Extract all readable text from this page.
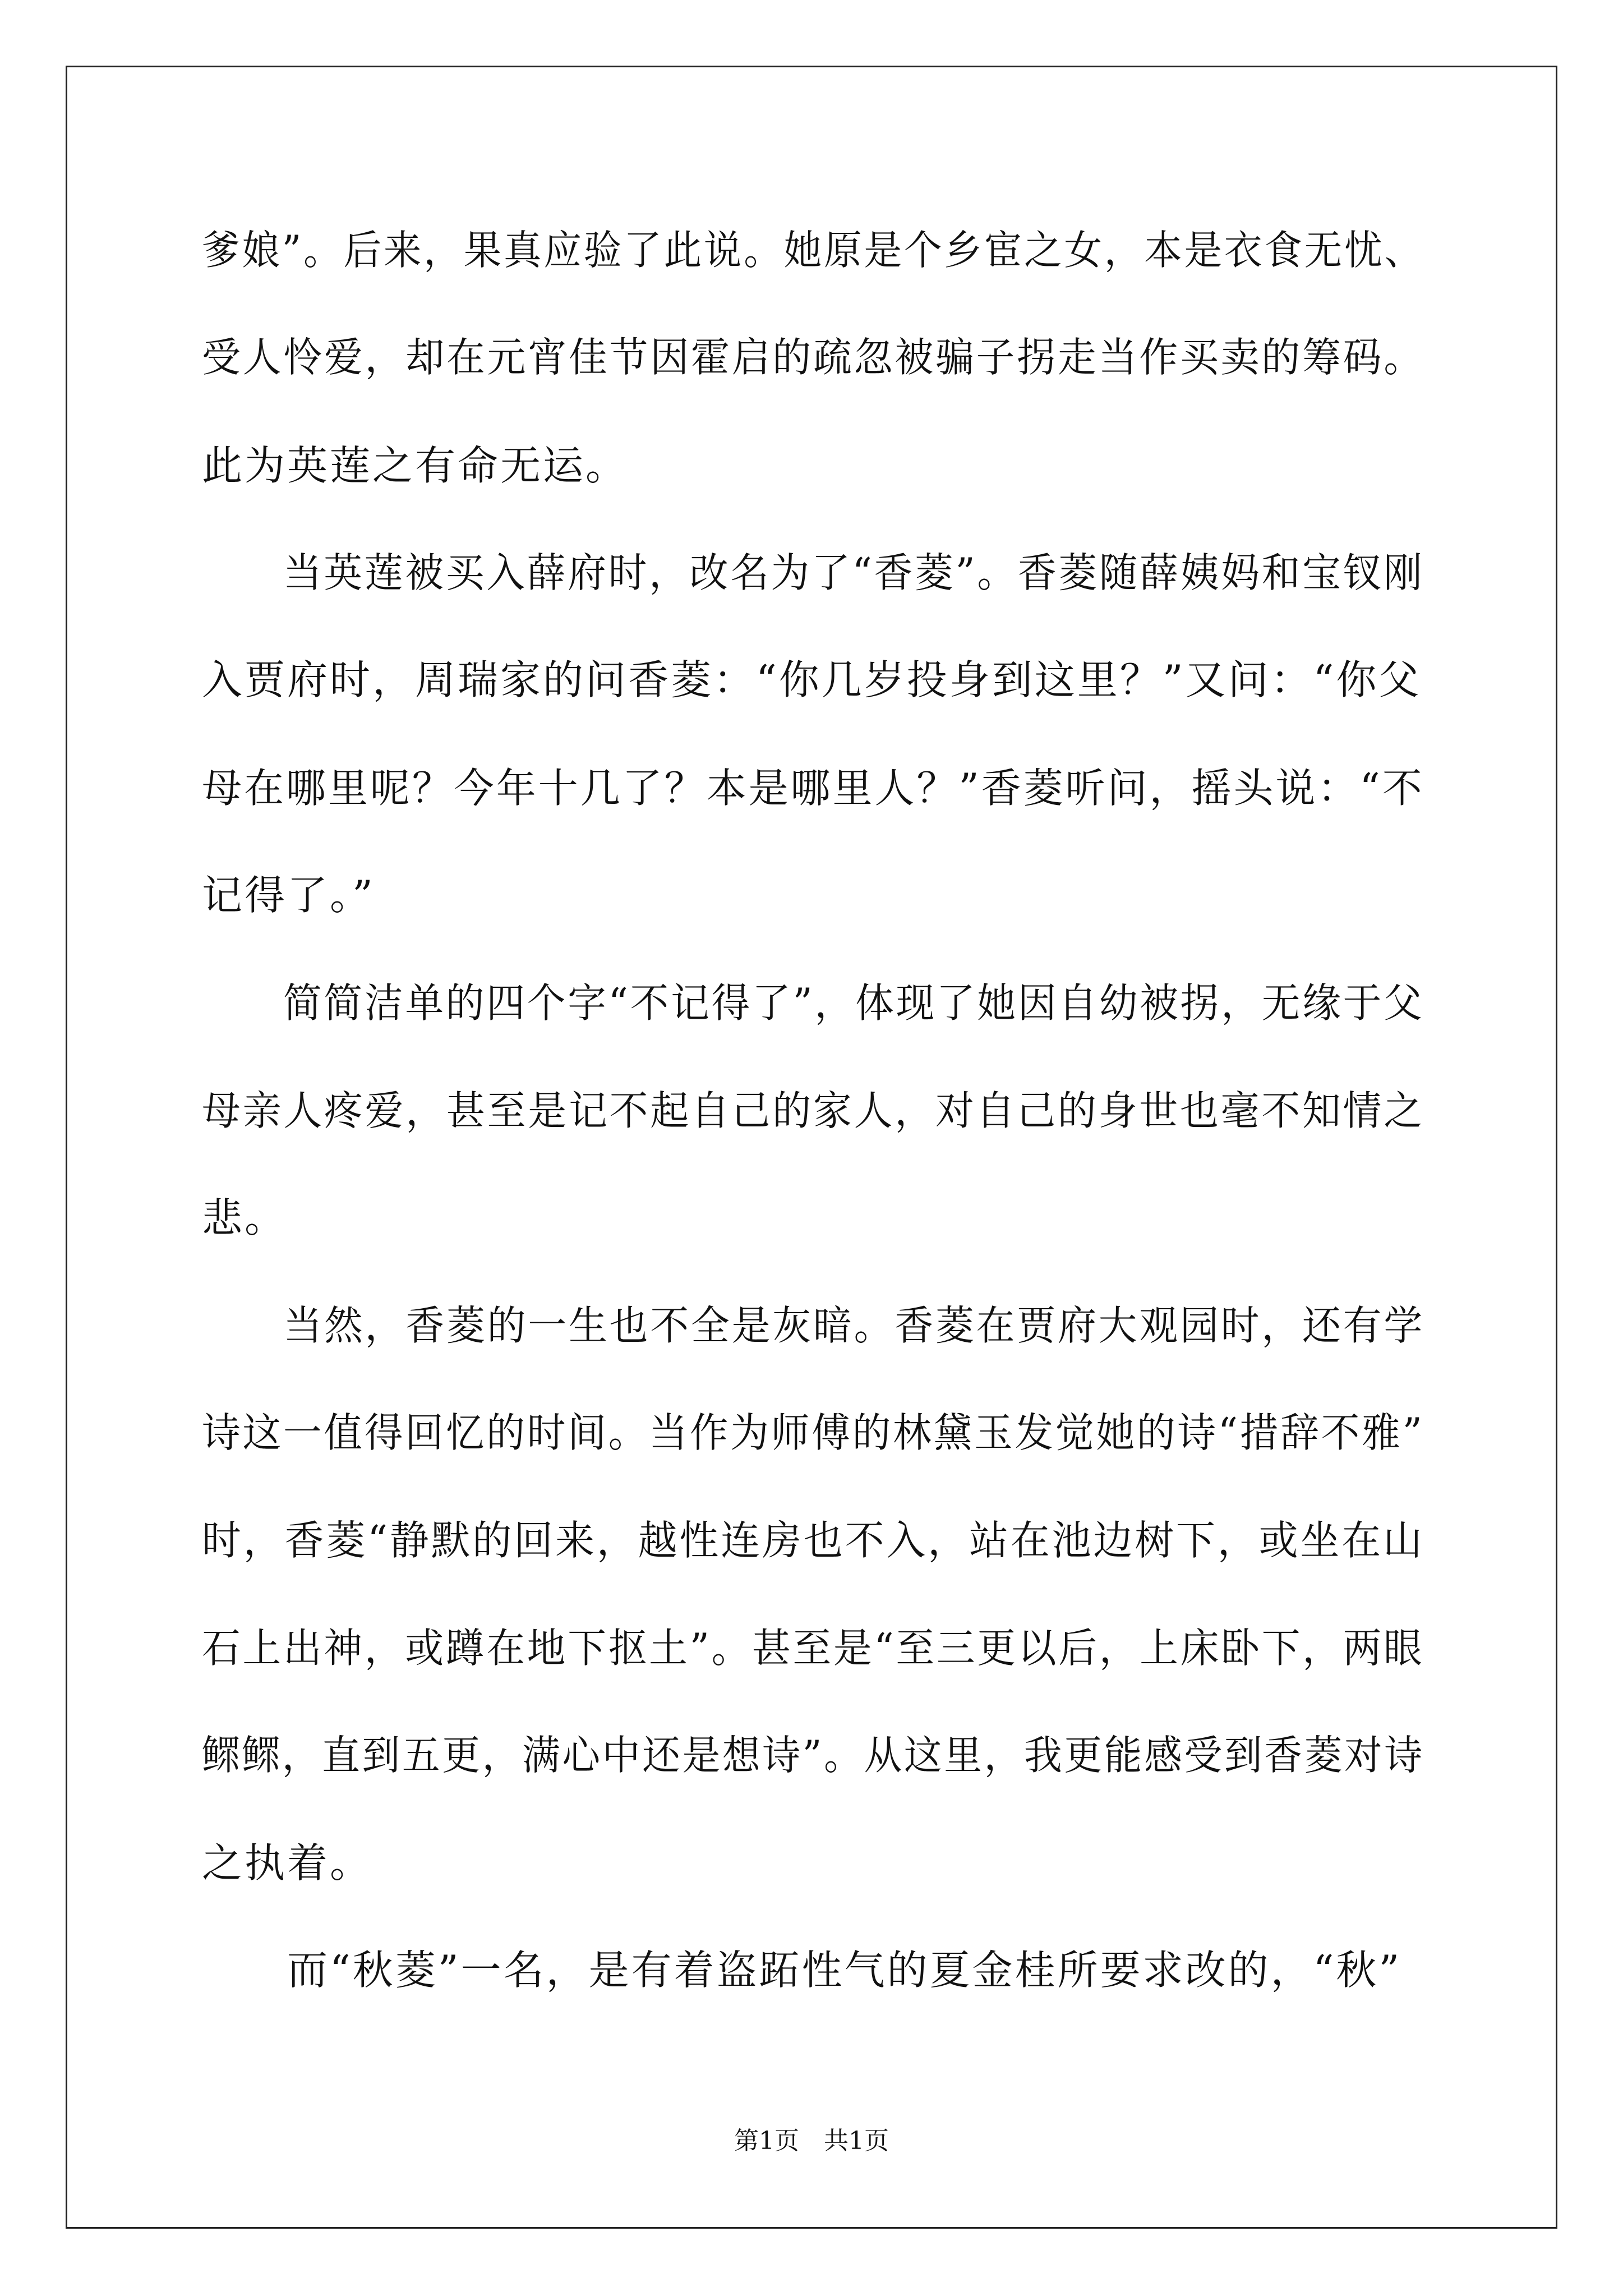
爹娘”。后来，果真应验了此说。她原是个乡宦之女，本是衣食无忧、
受人怜爱，却在元宵佳节因霍启的疏忽被骗子拐走当作买卖的筹码。
此为英莲之有命无运。
　　当英莲被买入薛府时，改名为了“香菱”。香菱随薛姨妈和宝钗刚
入贾府时，周瑞家的问香菱：“你几岁投身到这里？”又问：“你父
母在哪里呢？今年十几了？本是哪里人？”香菱听问，摇头说：“不
记得了。”
　　简简洁单的四个字“不记得了”，体现了她因自幼被拐，无缘于父
母亲人疼爱，甚至是记不起自己的家人，对自己的身世也毫不知情之
悲。
　　当然，香菱的一生也不全是灰暗。香菱在贾府大观园时，还有学
诗这一值得回忆的时间。当作为师傅的林黛玉发觉她的诗“措辞不雅”
时，香菱“静默的回来，越性连房也不入，站在池边树下，或坐在山
石上出神，或蹲在地下抠土”。甚至是“至三更以后，上床卧下，两眼
鳏鳏，直到五更，满心中还是想诗”。从这里，我更能感受到香菱对诗
之执着。
　　而“秋菱”一名，是有着盗跖性气的夏金桂所要求改的，“秋”
第1页　共1页
